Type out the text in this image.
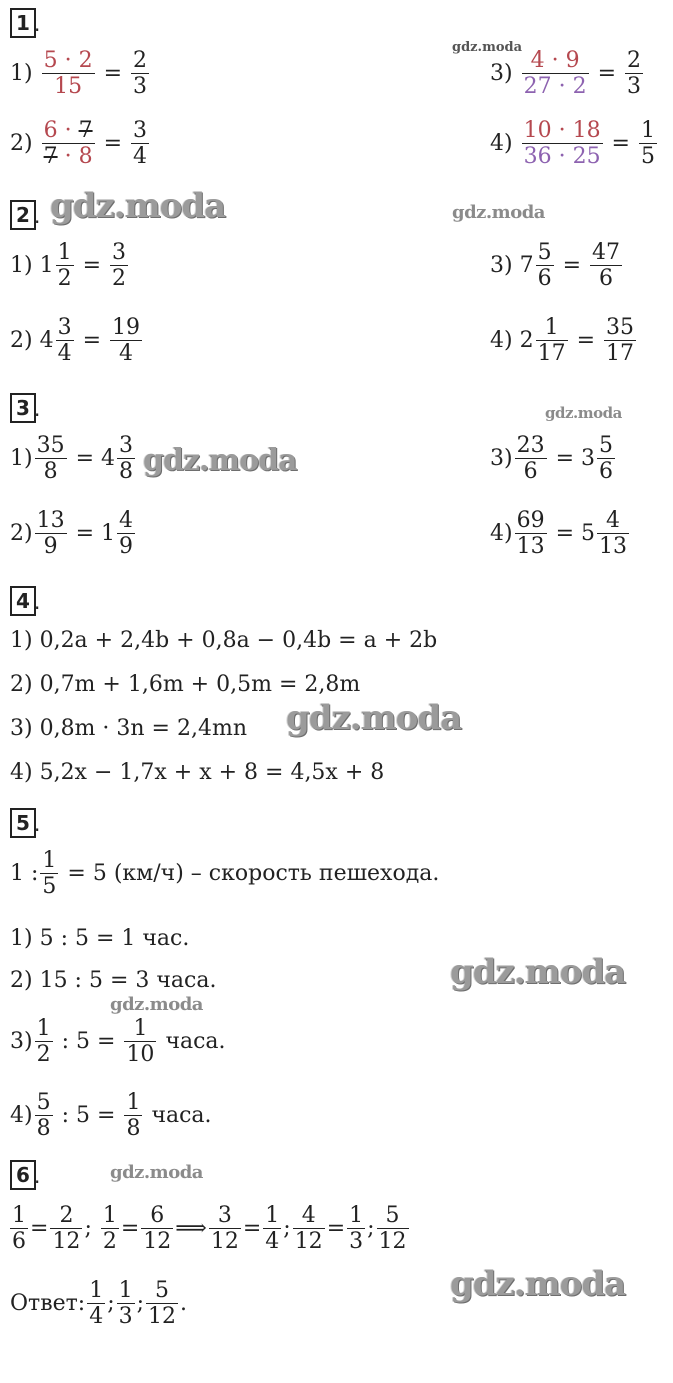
1 .
1)
$\frac{5 \cdot 2}{15} = \frac{2}{3}$
2)
$\frac{6 \cdot 7}{7 \cdot 8} = \frac{3}{4}$
3)
$\frac{4 \cdot 9}{27 \cdot 2} = \frac{2}{3}$
4)
$\frac{10 \cdot 18}{36 \cdot 25} = \frac{1}{5}$
2 .
1)
$1 \frac{1}{2} = \frac{3}{2}$
2)
$4 \frac{3}{4} = \frac{19}{4}$
3)
$7 \frac{5}{6} = \frac{47}{6}$
4)
$2 \frac{1}{17} = \frac{35}{17}$
3 .
$1) \frac{35}{8} = 4 \frac{3}{8}$
$2) \frac{13}{9} = 1 \frac{4}{9}$
$3) \frac{23}{6} = 3 \frac{5}{6}$
$4) \frac{69}{13} = 5 \frac{4}{13}$
4 .
1) 0,2a + 2,4b + 0,8a − 0,4b = a + 2b
2) 0,7m + 1,6m + 0,5m = 2,8m
3) 0,8m · 3n = 2,4mn
4) 5,2x − 1,7x + x + 8 = 4,5x + 8
5 .
1 : $\frac{1}{5}$
= 5 (км/ч) – скорость пешехода.
1) 5 : 5 = 1 час.
2) 15 : 5 = 3 часа.
$3) \frac{1}{2}$
: 5 =
$\frac{1}{10}$
часа.
$4) \frac{5}{8}$
: 5 =
$\frac{1}{8}$
часа.
6 .
$\frac{1}{6} = \frac{2}{12}$ ; $\frac{1}{2} = \frac{6}{12}$ ⟹ $\frac{3}{12} = \frac{1}{4}$ ; $\frac{4}{12} = \frac{1}{3}$ ; $\frac{5}{12}$
Ответ: $\frac{1}{4}$ ; $\frac{1}{3}$ ; $\frac{5}{12}$ .
gdz.moda
gdz.moda	gdz.moda
gdz.moda
gdz.moda
gdz.moda
gdz.moda
gdz.moda
gdz.moda
gdz.moda
